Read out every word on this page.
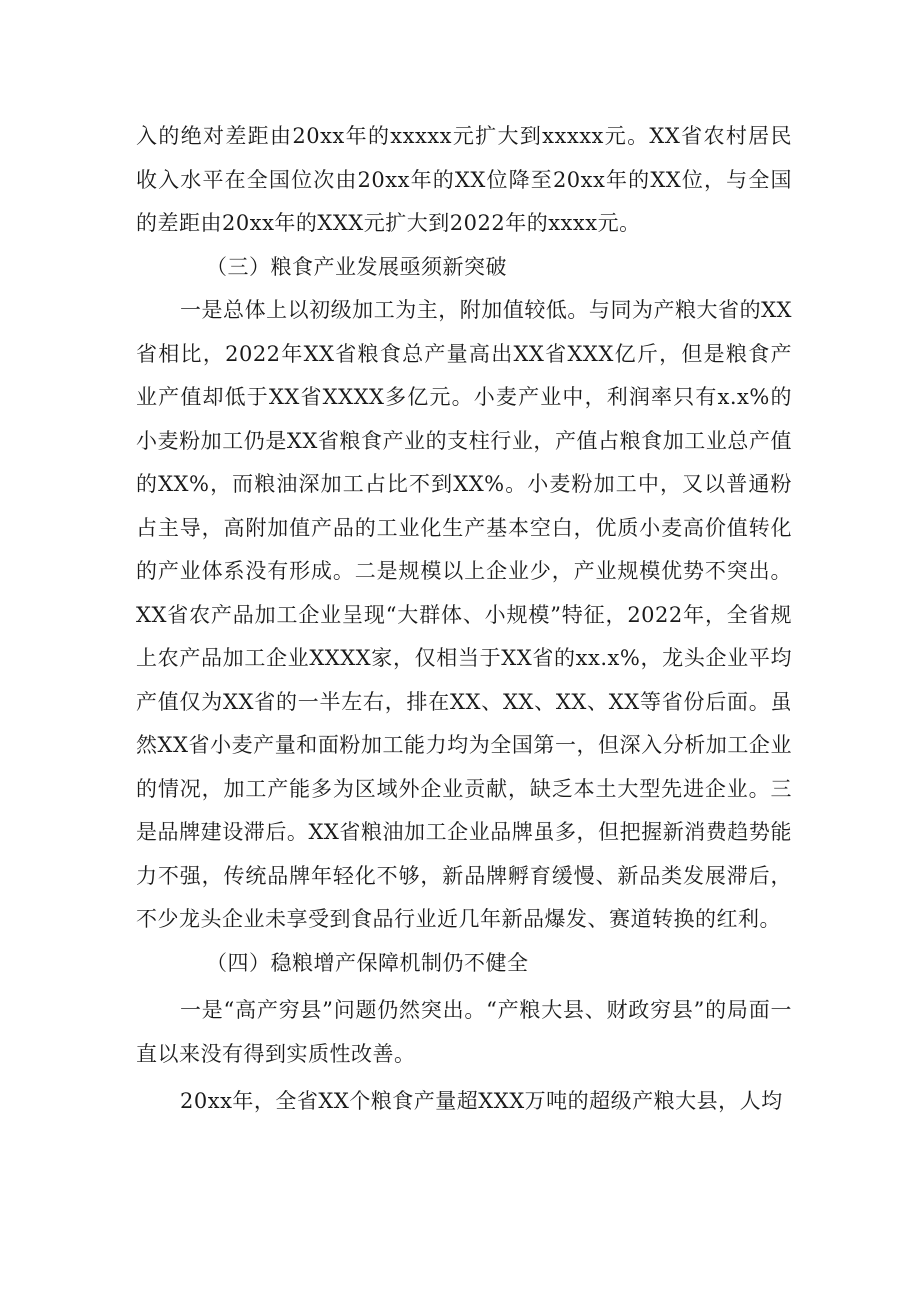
入的绝对差距由20xx年的xxxxx元扩大到xxxxx元。XX省农村居民收入水平在全国位次由20xx年的XX位降至20xx年的XX位，与全国的差距由20xx年的XXX元扩大到2022年的xxxx元。

（三）粮食产业发展亟须新突破

一是总体上以初级加工为主，附加值较低。与同为产粮大省的XX省相比，2022年XX省粮食总产量高出XX省XXX亿斤，但是粮食产业产值却低于XX省XXXX多亿元。小麦产业中，利润率只有x.x%的小麦粉加工仍是XX省粮食产业的支柱行业，产值占粮食加工业总产值的XX%，而粮油深加工占比不到XX%。小麦粉加工中，又以普通粉占主导，高附加值产品的工业化生产基本空白，优质小麦高价值转化的产业体系没有形成。二是规模以上企业少，产业规模优势不突出。XX省农产品加工企业呈现“大群体、小规模”特征，2022年，全省规上农产品加工企业XXXX家，仅相当于XX省的xx.x%，龙头企业平均产值仅为XX省的一半左右，排在XX、XX、XX、XX等省份后面。虽然XX省小麦产量和面粉加工能力均为全国第一，但深入分析加工企业的情况，加工产能多为区域外企业贡献，缺乏本土大型先进企业。三是品牌建设滞后。XX省粮油加工企业品牌虽多，但把握新消费趋势能力不强，传统品牌年轻化不够，新品牌孵育缓慢、新品类发展滞后，不少龙头企业未享受到食品行业近几年新品爆发、赛道转换的红利。

（四）稳粮增产保障机制仍不健全

一是“高产穷县”问题仍然突出。“产粮大县、财政穷县”的局面一直以来没有得到实质性改善。

20xx年，全省XX个粮食产量超XXX万吨的超级产粮大县，人均
